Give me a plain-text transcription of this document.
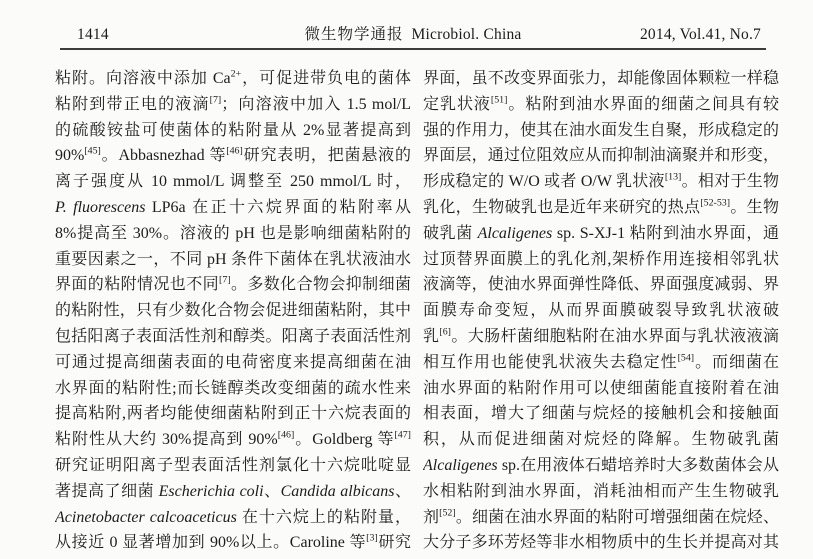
1414	微生物学通报 Microbiol. China	2014, Vol.41, No.7
粘附。向溶液中添加 $Ca^{2+}$，可促进带负电的菌体
粘附到带正电的液滴[7]；向溶液中加入 1.5 mol/L
的硫酸铵盐可使菌体的粘附量从 2%显著提高到
90%[45]。Abbasnezhad 等[46]研究表明，把菌悬液的
离子强度从 10 mmol/L 调整至 250 mmol/L 时，
P. fluorescens LP6a 在正十六烷界面的粘附率从
8%提高至 30%。溶液的 pH 也是影响细菌粘附的
重要因素之一，不同 pH 条件下菌体在乳状液油水
界面的粘附情况也不同[7]。多数化合物会抑制细菌
的粘附性，只有少数化合物会促进细菌粘附，其中
包括阳离子表面活性剂和醇类。阳离子表面活性剂
可通过提高细菌表面的电荷密度来提高细菌在油
水界面的粘附性;而长链醇类改变细菌的疏水性来
提高粘附,两者均能使细菌粘附到正十六烷表面的
粘附性从大约 30%提高到 90%[46]。Goldberg 等[47]
研究证明阳离子型表面活性剂氯化十六烷吡啶显
著提高了细菌 Escherichia coli、Candida albicans、
Acinetobacter calcoaceticus 在十六烷上的粘附量，
从接近 0 显著增加到 90%以上。Caroline 等[3]研究
界面，虽不改变界面张力，却能像固体颗粒一样稳
定乳状液[51]。粘附到油水界面的细菌之间具有较
强的作用力，使其在油水面发生自聚，形成稳定的
界面层，通过位阻效应从而抑制油滴聚并和形变，
形成稳定的 W/O 或者 O/W 乳状液[13]。相对于生物
乳化，生物破乳也是近年来研究的热点[52-53]。生物
破乳菌 Alcaligenes sp. S-XJ-1 粘附到油水界面，通
过顶替界面膜上的乳化剂,架桥作用连接相邻乳状
液滴等，使油水界面弹性降低、界面强度减弱、界
面膜寿命变短，从而界面膜破裂导致乳状液破
乳[6]。大肠杆菌细胞粘附在油水界面与乳状液液滴
相互作用也能使乳状液失去稳定性[54]。而细菌在
油水界面的粘附作用可以使细菌能直接附着在油
相表面，增大了细菌与烷烃的接触机会和接触面
积，从而促进细菌对烷烃的降解。生物破乳菌
Alcaligenes sp.在用液体石蜡培养时大多数菌体会从
水相粘附到油水界面，消耗油相而产生生物破乳
剂[52]。细菌在油水界面的粘附可增强细菌在烷烃、
大分子多环芳烃等非水相物质中的生长并提高对其
